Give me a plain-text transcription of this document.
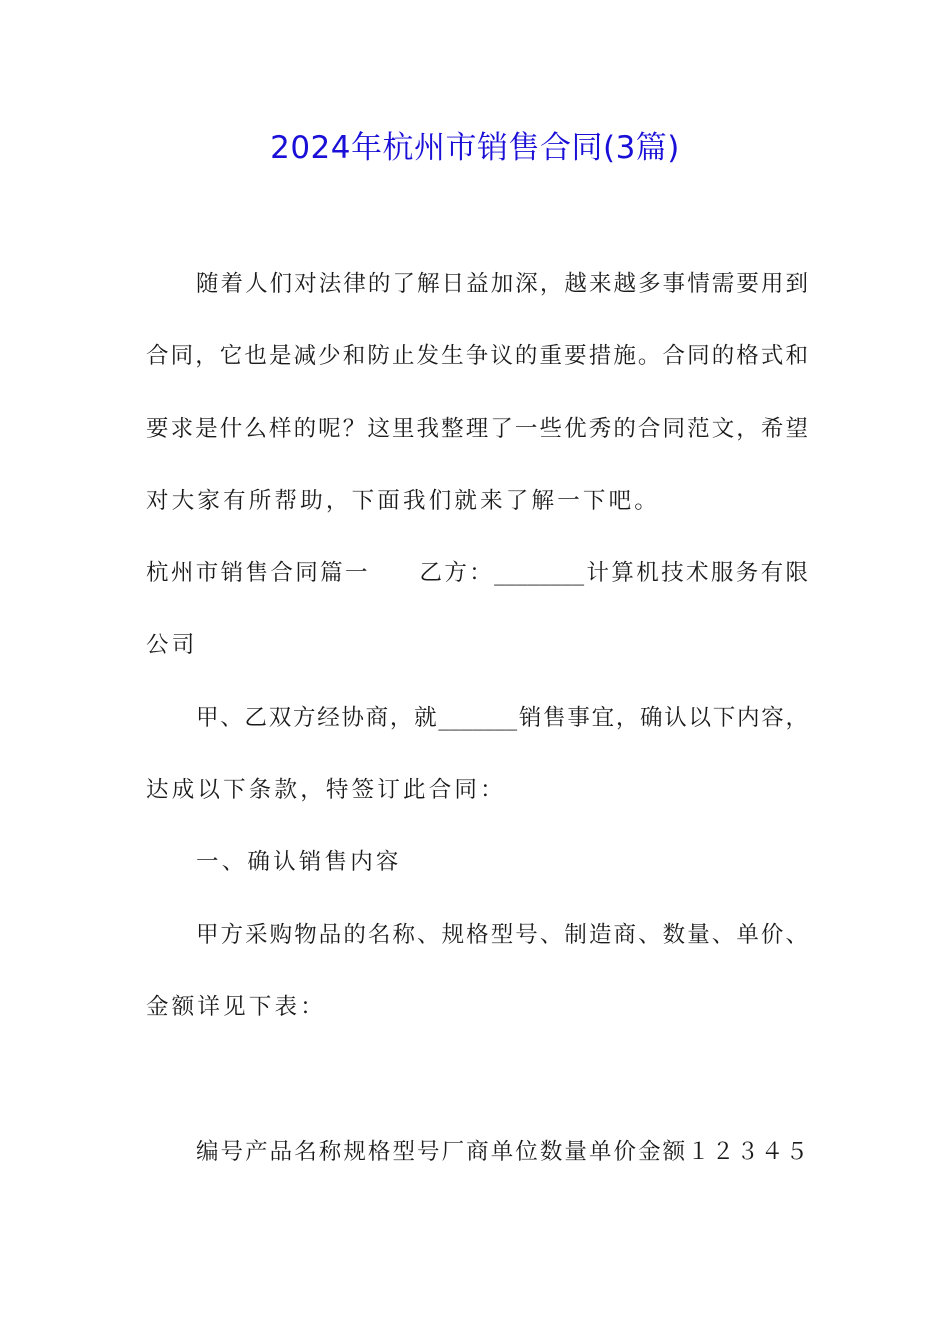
2024年杭州市销售合同(3篇)
随着人们对法律的了解日益加深，越来越多事情需要用到
合同，它也是减少和防止发生争议的重要措施。合同的格式和
要求是什么样的呢？这里我整理了一些优秀的合同范文，希望
对大家有所帮助，下面我们就来了解一下吧。
杭州市销售合同篇一　　乙方：________计算机技术服务有限
公司
甲、乙双方经协商，就_______销售事宜，确认以下内容，
达成以下条款，特签订此合同：
一、确认销售内容
甲方采购物品的名称、规格型号、制造商、数量、单价、
金额详见下表：
编号产品名称规格型号厂商单位数量单价金额１２３４５
